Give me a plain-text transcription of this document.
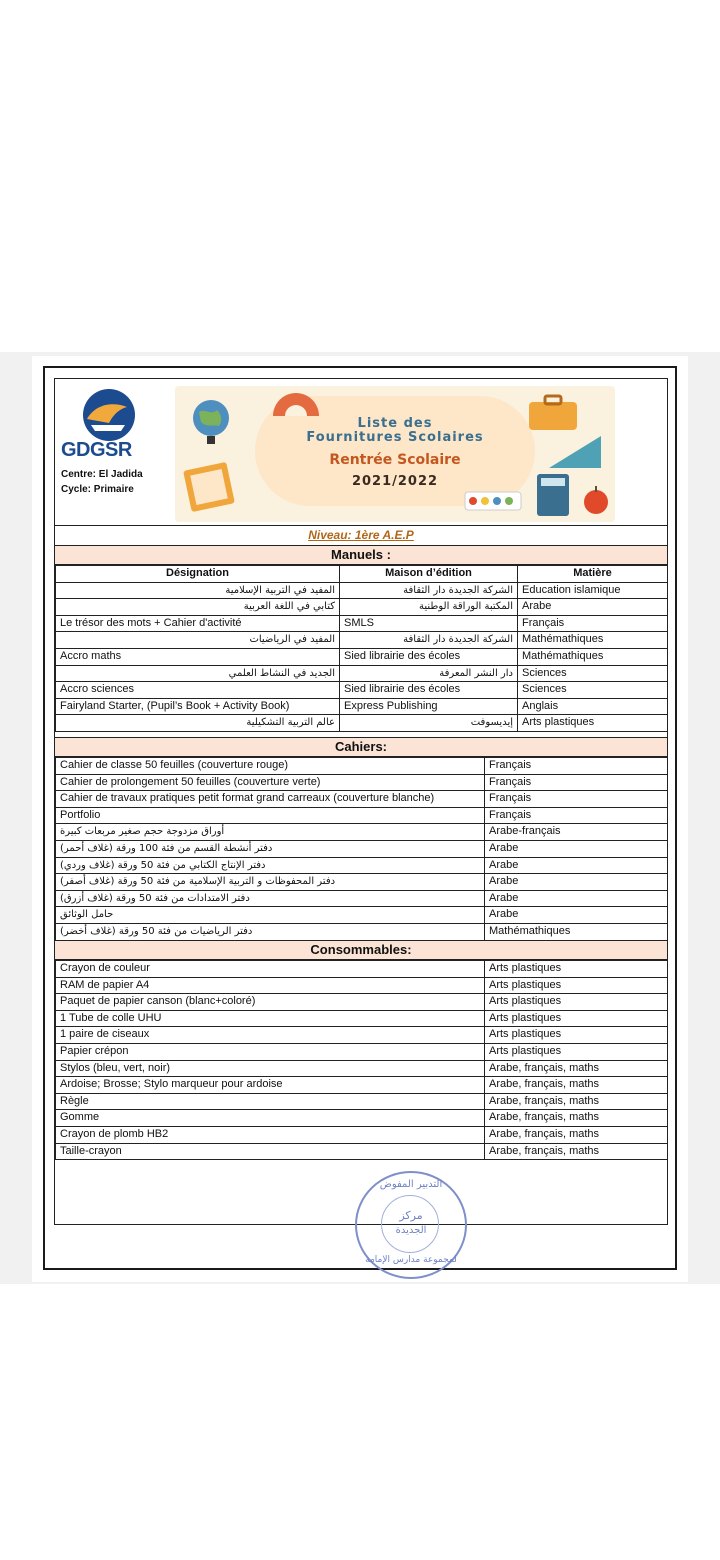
GDGSR
Centre: El Jadida
Cycle: Primaire
Liste des
Fournitures Scolaires
Rentrée Scolaire
2021/2022
Niveau: 1ère A.E.P
Manuels :
Désignation	Maison d’édition	Matière
المفيد في التربية الإسلامية	الشركة الجديدة دار الثقافة	Education islamique
كتابي في اللغة العربية	المكتبة الوراقة الوطنية	Arabe
Le trésor des mots + Cahier d'activité	SMLS	Français
المفيد في الرياضيات	الشركة الجديدة دار الثقافة	Mathémathiques
Accro maths	Sied librairie des écoles	Mathémathiques
الجديد في النشاط العلمي	دار النشر المعرفة	Sciences
Accro sciences	Sied librairie des écoles	Sciences
Fairyland Starter, (Pupil’s Book + Activity Book)	Express Publishing	Anglais
عالم التربية التشكيلية	إيديسوفت	Arts plastiques
Cahiers:
Cahier de classe 50 feuilles (couverture rouge)	Français
Cahier de prolongement 50 feuilles (couverture verte)	Français
Cahier de travaux pratiques petit format grand carreaux (couverture blanche)	Français
Portfolio	Français
أوراق مزدوجة حجم صغير مربعات كبيرة	Arabe-français
دفتر أنشطة القسم من فئة 100 ورقة (غلاف أحمر)	Arabe
دفتر الإنتاج الكتابي من فئة 50 ورقة (غلاف وردي)	Arabe
دفتر المحفوظات و التربية الإسلامية من فئة 50 ورقة (غلاف أصفر)	Arabe
دفتر الامتدادات من فئة 50 ورقة (غلاف أزرق)	Arabe
حامل الوثائق	Arabe
دفتر الرياضيات من فئة 50 ورقة (غلاف أخضر)	Mathémathiques
Consommables:
Crayon de couleur	Arts plastiques
RAM de papier A4	Arts plastiques
Paquet de papier canson (blanc+coloré)	Arts plastiques
1 Tube de colle UHU	Arts plastiques
1 paire de ciseaux	Arts plastiques
Papier crépon	Arts plastiques
Stylos (bleu, vert, noir)	Arabe, français, maths
Ardoise; Brosse; Stylo marqueur pour ardoise	Arabe, français, maths
Règle	Arabe, français, maths
Gomme	Arabe, français, maths
Crayon de plomb HB2	Arabe, français, maths
Taille-crayon	Arabe, français, maths
التدبير المفوض
مركز
الجديدة
لمجموعة مدارس الإمامة
